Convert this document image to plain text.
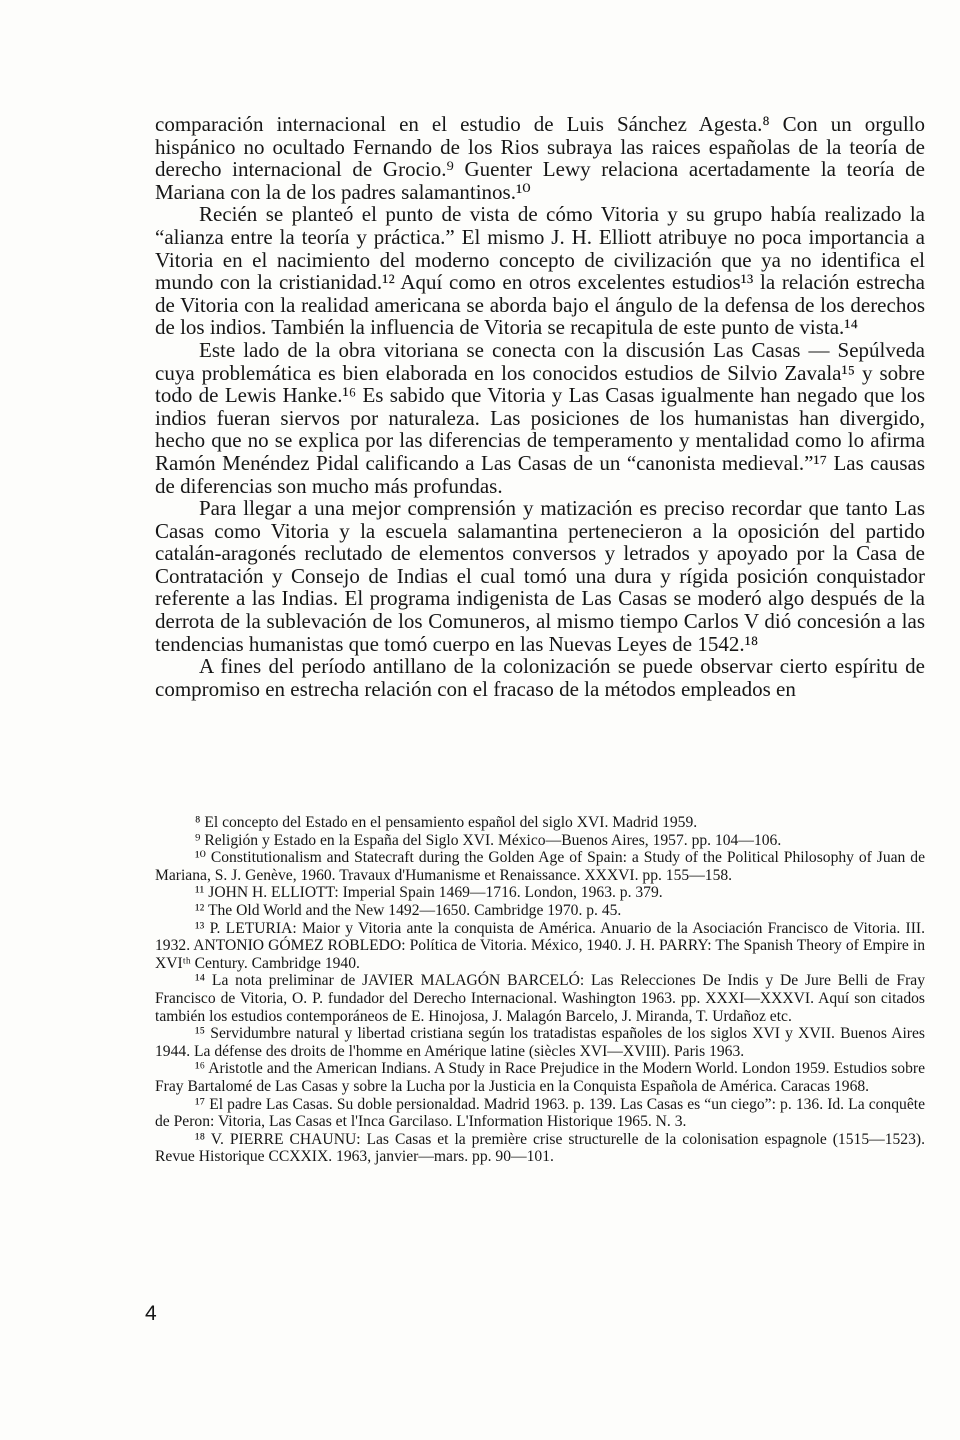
comparación internacional en el estudio de Luis Sánchez Agesta.⁸ Con un orgullo hispánico no ocultado Fernando de los Rios subraya las raices españolas de la teoría de derecho internacional de Grocio.⁹ Guenter Lewy relaciona acertadamente la teoría de Mariana con la de los padres salamantinos.¹⁰

Recién se planteó el punto de vista de cómo Vitoria y su grupo había realizado la “alianza entre la teoría y práctica.” El mismo J. H. Elliott atribuye no poca importancia a Vitoria en el nacimiento del moderno concepto de civilización que ya no identifica el mundo con la cristianidad.¹² Aquí como en otros excelentes estudios¹³ la relación estrecha de Vitoria con la realidad americana se aborda bajo el ángulo de la defensa de los derechos de los indios. También la influencia de Vitoria se recapitula de este punto de vista.¹⁴

Este lado de la obra vitoriana se conecta con la discusión Las Casas — Sepúlveda cuya problemática es bien elaborada en los conocidos estudios de Silvio Zavala¹⁵ y sobre todo de Lewis Hanke.¹⁶ Es sabido que Vitoria y Las Casas igualmente han negado que los indios fueran siervos por naturaleza. Las posiciones de los humanistas han divergido, hecho que no se explica por las diferencias de temperamento y mentalidad como lo afirma Ramón Menéndez Pidal calificando a Las Casas de un “canonista medieval.”¹⁷ Las causas de diferencias son mucho más profundas.

Para llegar a una mejor comprensión y matización es preciso recordar que tanto Las Casas como Vitoria y la escuela salamantina pertenecieron a la oposición del partido catalán-aragonés reclutado de elementos conversos y letrados y apoyado por la Casa de Contratación y Consejo de Indias el cual tomó una dura y rígida posición conquistador referente a las Indias. El programa indigenista de Las Casas se moderó algo después de la derrota de la sublevación de los Comuneros, al mismo tiempo Carlos V dió concesión a las tendencias humanistas que tomó cuerpo en las Nuevas Leyes de 1542.¹⁸

A fines del período antillano de la colonización se puede observar cierto espíritu de compromiso en estrecha relación con el fracaso de la métodos empleados en

⁸ El concepto del Estado en el pensamiento español del siglo XVI. Madrid 1959.

⁹ Religión y Estado en la España del Siglo XVI. México—Buenos Aires, 1957. pp. 104—106.

¹⁰ Constitutionalism and Statecraft during the Golden Age of Spain: a Study of the Political Philosophy of Juan de Mariana, S. J. Genève, 1960. Travaux d'Humanisme et Renaissance. XXXVI. pp. 155—158.

¹¹ JOHN H. ELLIOTT: Imperial Spain 1469—1716. London, 1963. p. 379.

¹² The Old World and the New 1492—1650. Cambridge 1970. p. 45.

¹³ P. LETURIA: Maior y Vitoria ante la conquista de América. Anuario de la Asociación Francisco de Vitoria. III. 1932. ANTONIO GÓMEZ ROBLEDO: Política de Vitoria. México, 1940. J. H. PARRY: The Spanish Theory of Empire in XVIᵗʰ Century. Cambridge 1940.

¹⁴ La nota preliminar de JAVIER MALAGÓN BARCELÓ: Las Relecciones De Indis y De Jure Belli de Fray Francisco de Vitoria, O. P. fundador del Derecho Internacional. Washington 1963. pp. XXXI—XXXVI. Aquí son citados también los estudios contemporáneos de E. Hinojosa, J. Malagón Barcelo, J. Miranda, T. Urdañoz etc.

¹⁵ Servidumbre natural y libertad cristiana según los tratadistas españoles de los siglos XVI y XVII. Buenos Aires 1944. La défense des droits de l'homme en Amérique latine (siècles XVI—XVIII). Paris 1963.

¹⁶ Aristotle and the American Indians. A Study in Race Prejudice in the Modern World. London 1959. Estudios sobre Fray Bartalomé de Las Casas y sobre la Lucha por la Justicia en la Conquista Española de América. Caracas 1968.

¹⁷ El padre Las Casas. Su doble persionaldad. Madrid 1963. p. 139. Las Casas es “un ciego”: p. 136. Id. La conquête de Peron: Vitoria, Las Casas et l'Inca Garcilaso. L'Information Historique 1965. N. 3.

¹⁸ V. PIERRE CHAUNU: Las Casas et la première crise structurelle de la colonisation espagnole (1515—1523). Revue Historique CCXXIX. 1963, janvier—mars. pp. 90—101.

4
